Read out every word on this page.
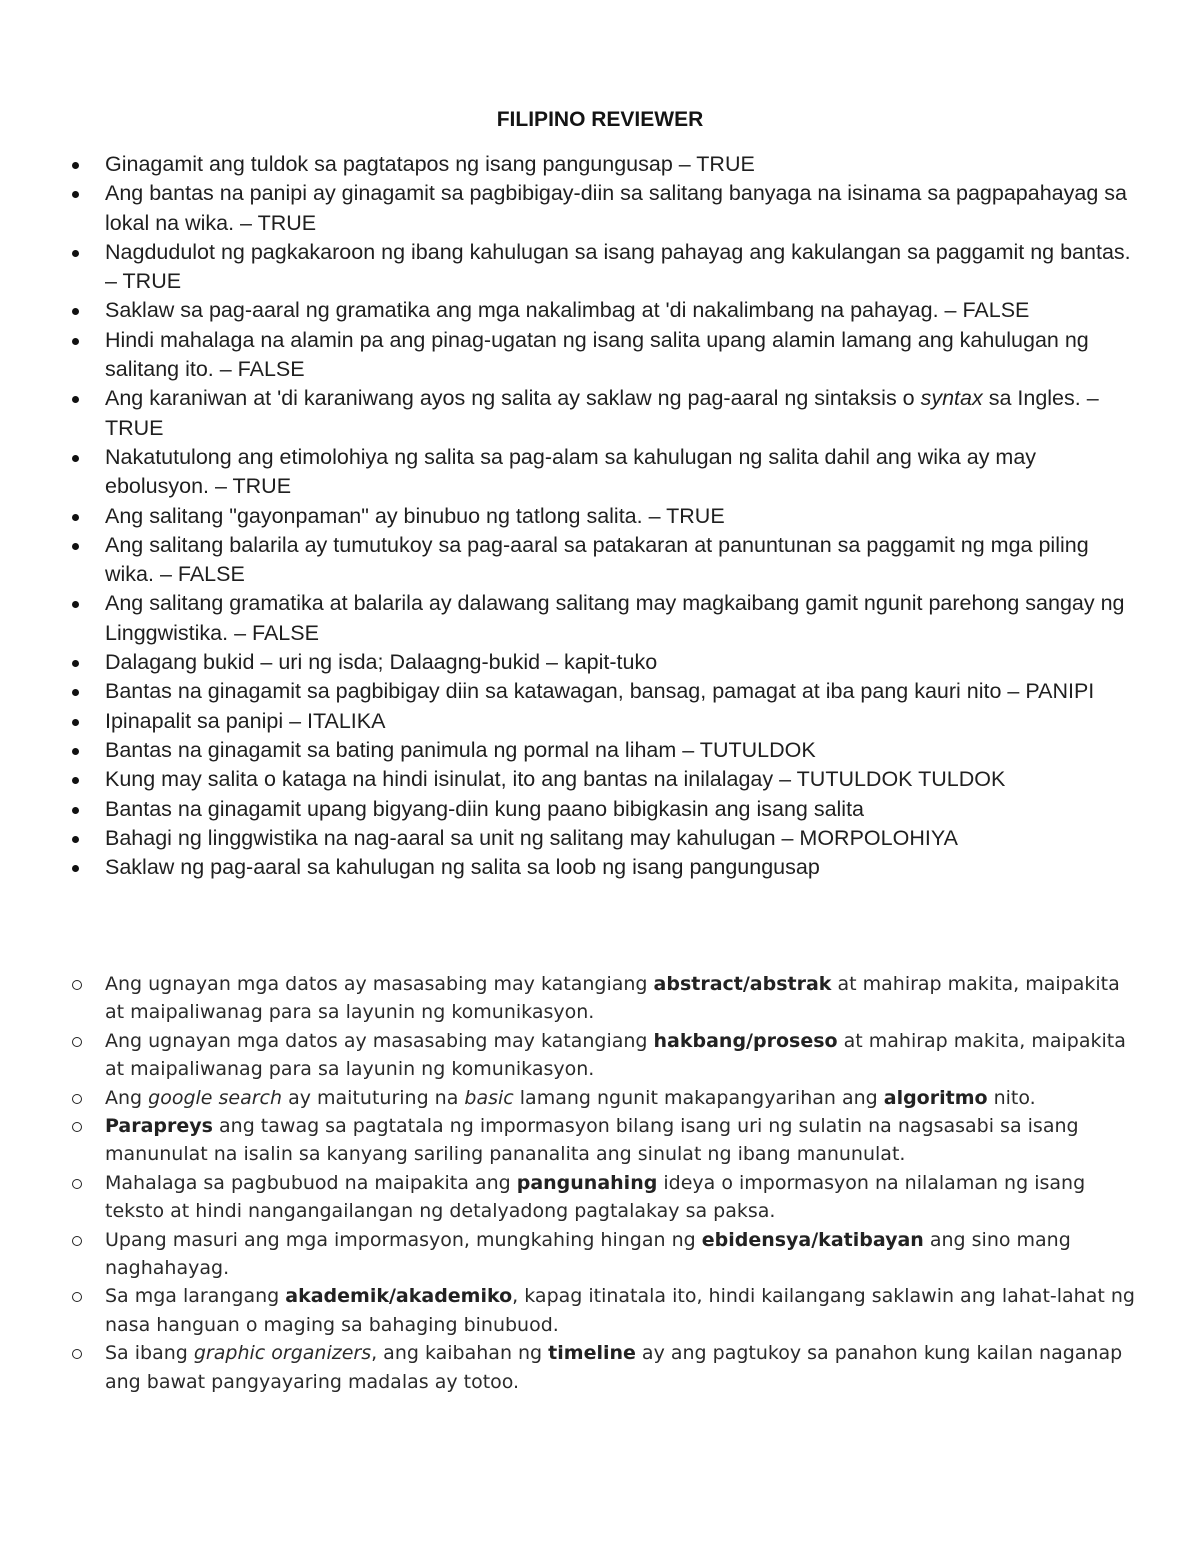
FILIPINO REVIEWER
Ginagamit ang tuldok sa pagtatapos ng isang pangungusap – TRUE
Ang bantas na panipi ay ginagamit sa pagbibigay-diin sa salitang banyaga na isinama sa pagpapahayag sa lokal na wika. – TRUE
Nagdudulot ng pagkakaroon ng ibang kahulugan sa isang pahayag ang kakulangan sa paggamit ng bantas. – TRUE
Saklaw sa pag-aaral ng gramatika ang mga nakalimbag at 'di nakalimbang na pahayag. – FALSE
Hindi mahalaga na alamin pa ang pinag-ugatan ng isang salita upang alamin lamang ang kahulugan ng salitang ito. – FALSE
Ang karaniwan at 'di karaniwang ayos ng salita ay saklaw ng pag-aaral ng sintaksis o syntax sa Ingles. – TRUE
Nakatutulong ang etimolohiya ng salita sa pag-alam sa kahulugan ng salita dahil ang wika ay may ebolusyon. – TRUE
Ang salitang "gayonpaman" ay binubuo ng tatlong salita. – TRUE
Ang salitang balarila ay tumutukoy sa pag-aaral sa patakaran at panuntunan sa paggamit ng mga piling wika. – FALSE
Ang salitang gramatika at balarila ay dalawang salitang may magkaibang gamit ngunit parehong sangay ng Linggwistika. – FALSE
Dalagang bukid – uri ng isda; Dalaagng-bukid – kapit-tuko
Bantas na ginagamit sa pagbibigay diin sa katawagan, bansag, pamagat at iba pang kauri nito – PANIPI
Ipinapalit sa panipi – ITALIKA
Bantas na ginagamit sa bating panimula ng pormal na liham – TUTULDOK
Kung may salita o kataga na hindi isinulat, ito ang bantas na inilalagay – TUTULDOK TULDOK
Bantas na ginagamit upang bigyang-diin kung paano bibigkasin ang isang salita
Bahagi ng linggwistika na nag-aaral sa unit ng salitang may kahulugan – MORPOLOHIYA
Saklaw ng pag-aaral sa kahulugan ng salita sa loob ng isang pangungusap
Ang ugnayan mga datos ay masasabing may katangiang abstract/abstrak at mahirap makita, maipakita at maipaliwanag para sa layunin ng komunikasyon.
Ang ugnayan mga datos ay masasabing may katangiang hakbang/proseso at mahirap makita, maipakita at maipaliwanag para sa layunin ng komunikasyon.
Ang google search ay maituturing na basic lamang ngunit makapangyarihan ang algoritmo nito.
Parapreys ang tawag sa pagtatala ng impormasyon bilang isang uri ng sulatin na nagsasabi sa isang manunulat na isalin sa kanyang sariling pananalita ang sinulat ng ibang manunulat.
Mahalaga sa pagbubuod na maipakita ang pangunahing ideya o impormasyon na nilalaman ng isang teksto at hindi nangangailangan ng detalyadong pagtalakay sa paksa.
Upang masuri ang mga impormasyon, mungkahing hingan ng ebidensya/katibayan ang sino mang naghahayag.
Sa mga larangang akademik/akademiko, kapag itinatala ito, hindi kailangang saklawin ang lahat-lahat ng nasa hanguan o maging sa bahaging binubuod.
Sa ibang graphic organizers, ang kaibahan ng timeline ay ang pagtukoy sa panahon kung kailan naganap ang bawat pangyayaring madalas ay totoo.
